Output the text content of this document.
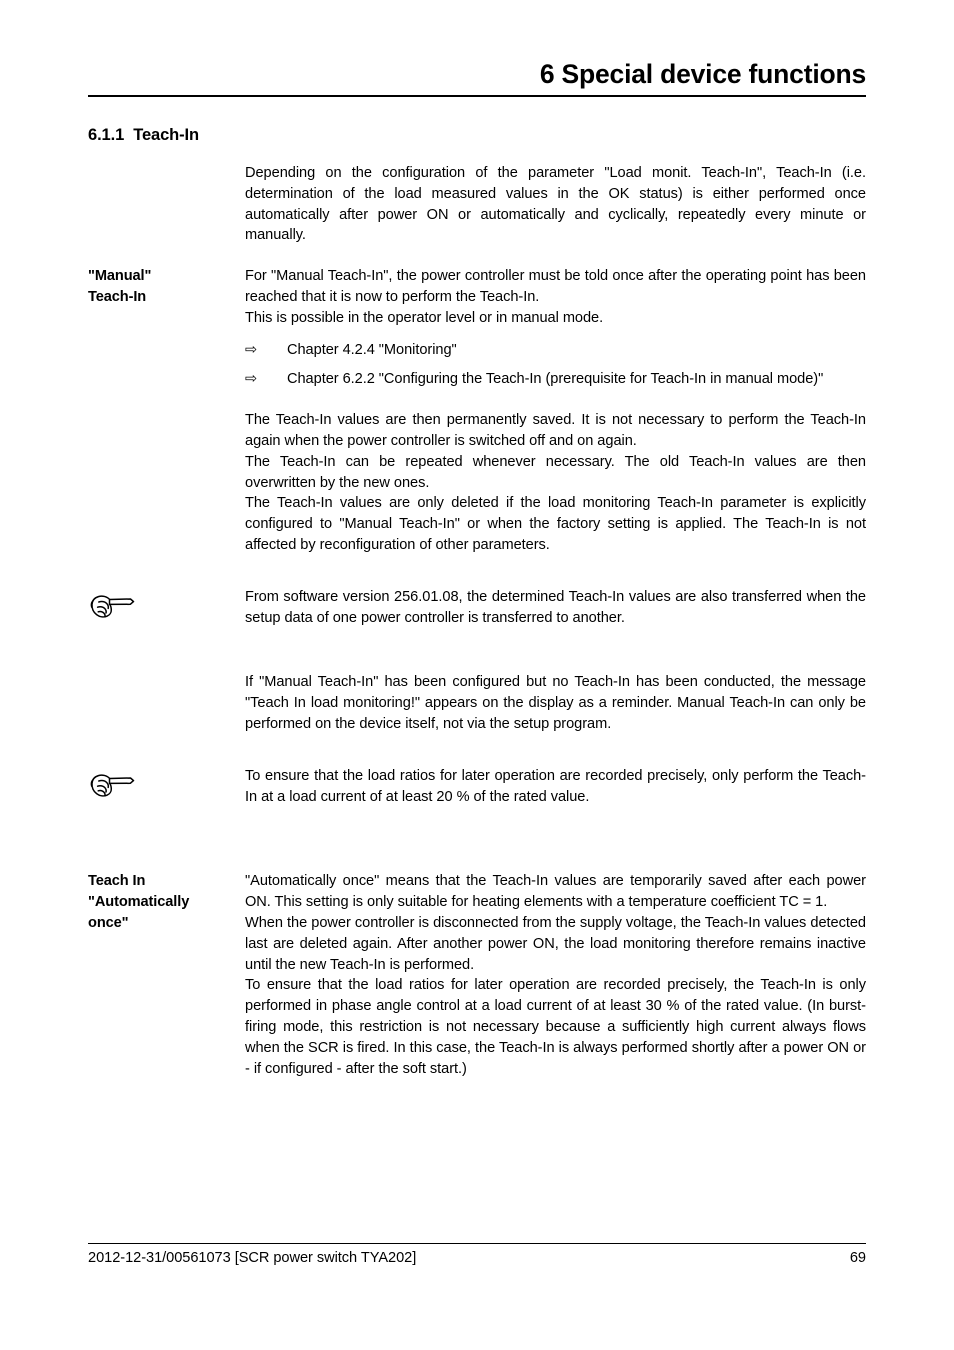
6 Special device functions
6.1.1 Teach-In

Depending on the configuration of the parameter "Load monit. Teach-In", Teach-In (i.e. determination of the load measured values in the OK status) is either performed once automatically after power ON or automatically and cyclically, repeatedly every minute or manually.

"Manual"
Teach-In

For "Manual Teach-In", the power controller must be told once after the operating point has been reached that it is now to perform the Teach-In.

This is possible in the operator level or in manual mode.

⇨ Chapter 4.2.4 "Monitoring"
⇨ Chapter 6.2.2 "Configuring the Teach-In (prerequisite for Teach-In in manual mode)"

The Teach-In values are then permanently saved. It is not necessary to perform the Teach-In again when the power controller is switched off and on again.

The Teach-In can be repeated whenever necessary. The old Teach-In values are then overwritten by the new ones.

The Teach-In values are only deleted if the load monitoring Teach-In parameter is explicitly configured to "Manual Teach-In" or when the factory setting is applied. The Teach-In is not affected by reconfiguration of other parameters.

From software version 256.01.08, the determined Teach-In values are also transferred when the setup data of one power controller is transferred to another.

If "Manual Teach-In" has been configured but no Teach-In has been conducted, the message "Teach In load monitoring!" appears on the display as a reminder. Manual Teach-In can only be performed on the device itself, not via the setup program.

To ensure that the load ratios for later operation are recorded precisely, only perform the Teach-In at a load current of at least 20 % of the rated value.

Teach In
"Automatically
once"

"Automatically once" means that the Teach-In values are temporarily saved after each power ON. This setting is only suitable for heating elements with a temperature coefficient TC = 1.

When the power controller is disconnected from the supply voltage, the Teach-In values detected last are deleted again. After another power ON, the load monitoring therefore remains inactive until the new Teach-In is performed.

To ensure that the load ratios for later operation are recorded precisely, the Teach-In is only performed in phase angle control at a load current of at least 30 % of the rated value. (In burst-firing mode, this restriction is not necessary because a sufficiently high current always flows when the SCR is fired. In this case, the Teach-In is always performed shortly after a power ON or - if configured - after the soft start.)

2012-12-31/00561073 [SCR power switch TYA202]	69
